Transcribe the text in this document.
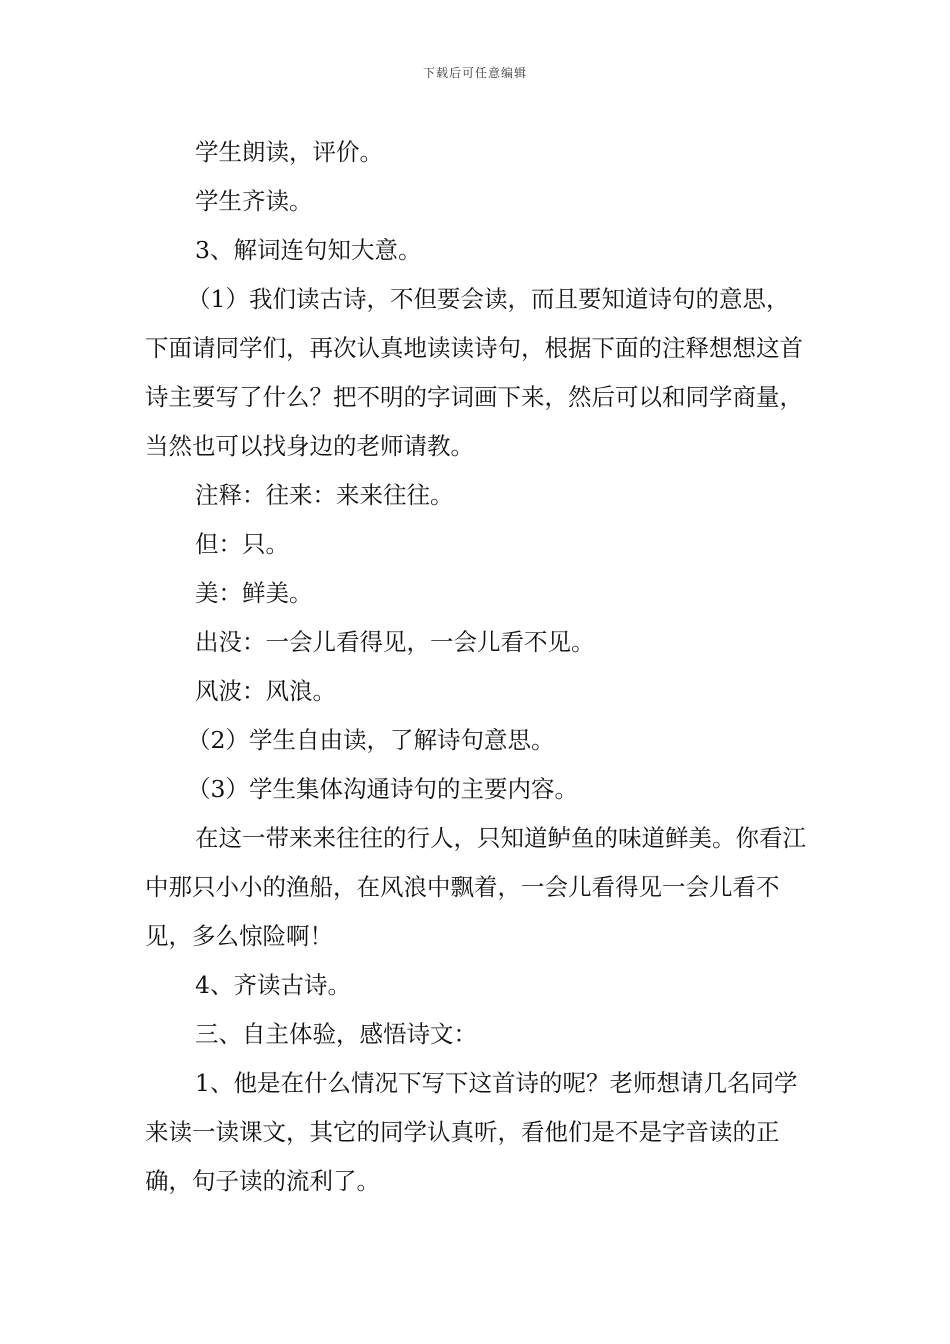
下载后可任意编辑

学生朗读，评价。

学生齐读。

3、解词连句知大意。

（1）我们读古诗，不但要会读，而且要知道诗句的意思，下面请同学们，再次认真地读读诗句，根据下面的注释想想这首诗主要写了什么？把不明的字词画下来，然后可以和同学商量，当然也可以找身边的老师请教。

注释：往来：来来往往。

但：只。

美：鲜美。

出没：一会儿看得见，一会儿看不见。

风波：风浪。

（2）学生自由读，了解诗句意思。

（3）学生集体沟通诗句的主要内容。

在这一带来来往往的行人，只知道鲈鱼的味道鲜美。你看江中那只小小的渔船，在风浪中飘着，一会儿看得见一会儿看不见，多么惊险啊！

4、齐读古诗。

三、自主体验，感悟诗文：

1、他是在什么情况下写下这首诗的呢？老师想请几名同学来读一读课文，其它的同学认真听，看他们是不是字音读的正确，句子读的流利了。
